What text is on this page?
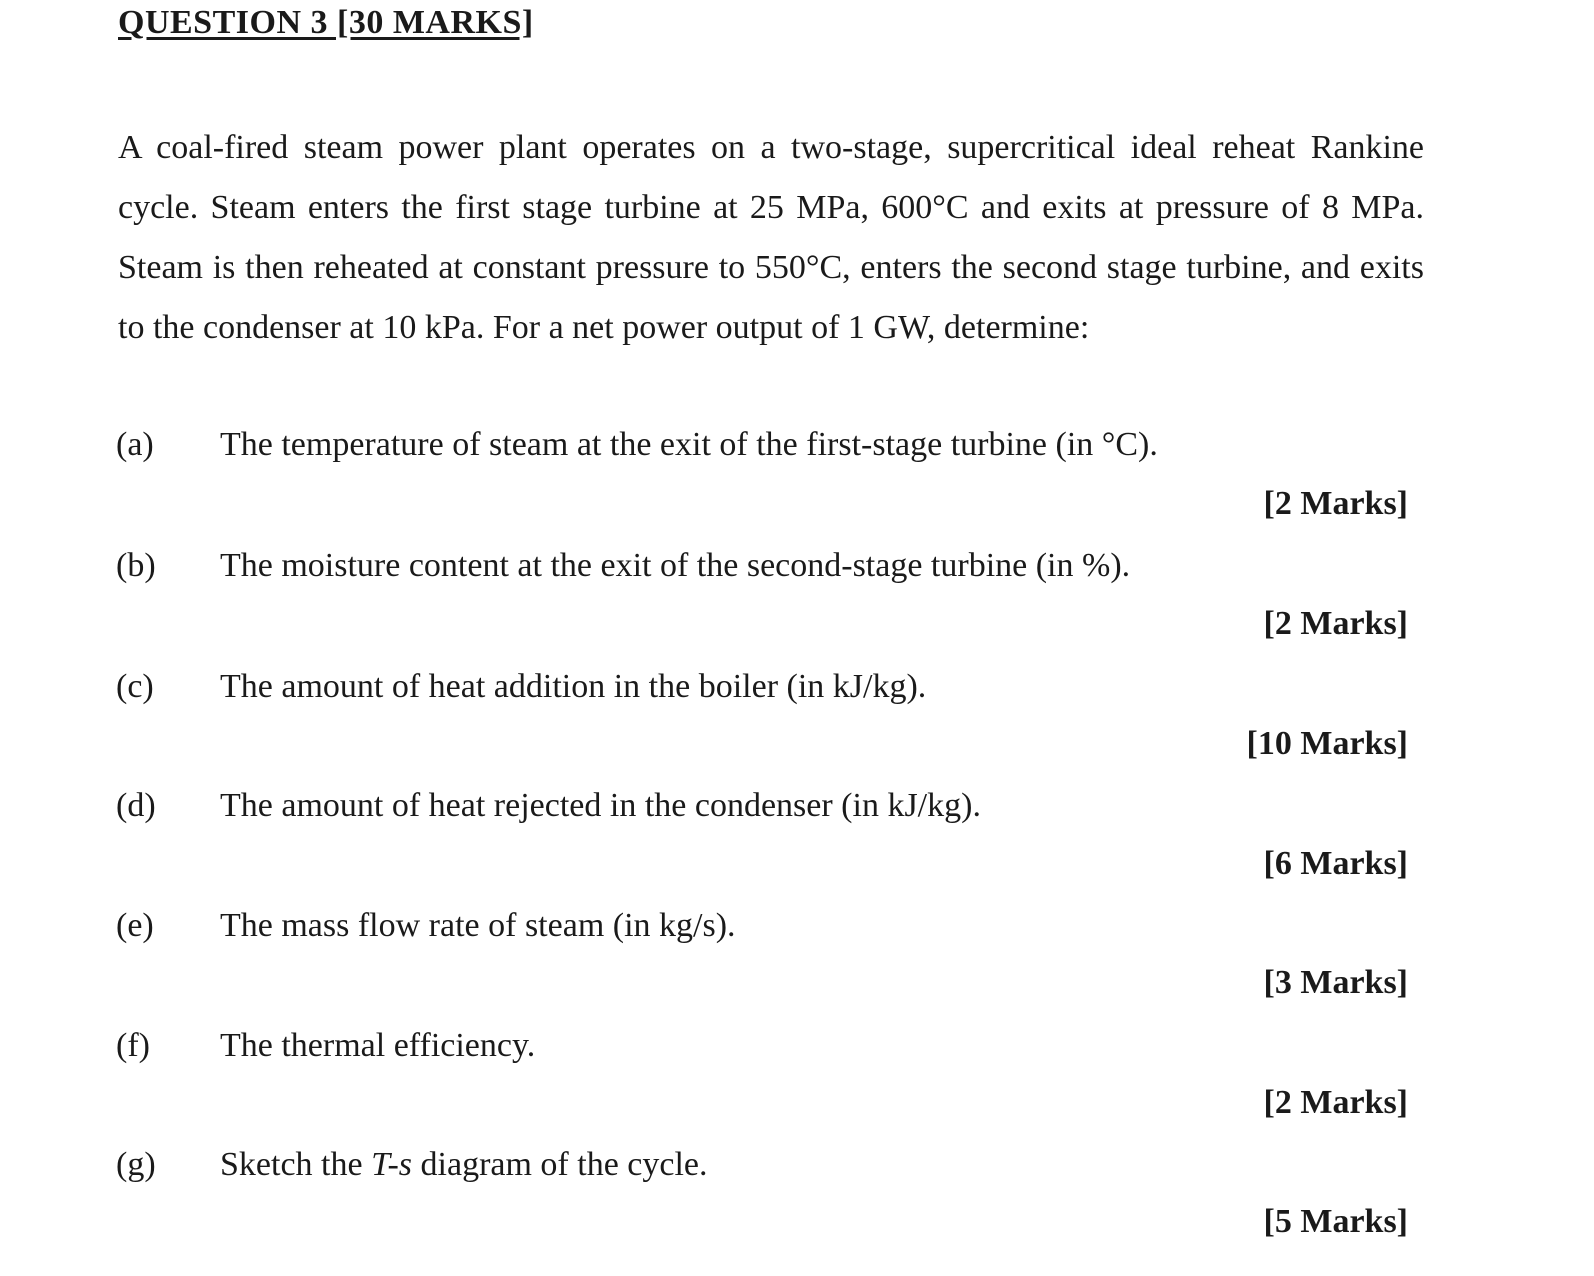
QUESTION 3 [30 MARKS]
A coal-fired steam power plant operates on a two-stage, supercritical ideal reheat Rankine cycle. Steam enters the first stage turbine at 25 MPa, 600°C and exits at pressure of 8 MPa. Steam is then reheated at constant pressure to 550°C, enters the second stage turbine, and exits to the condenser at 10 kPa. For a net power output of 1 GW, determine:
(a) The temperature of steam at the exit of the first-stage turbine (in °C).
[2 Marks]
(b) The moisture content at the exit of the second-stage turbine (in %).
[2 Marks]
(c) The amount of heat addition in the boiler (in kJ/kg).
[10 Marks]
(d) The amount of heat rejected in the condenser (in kJ/kg).
[6 Marks]
(e) The mass flow rate of steam (in kg/s).
[3 Marks]
(f) The thermal efficiency.
[2 Marks]
(g) Sketch the T-s diagram of the cycle.
[5 Marks]
